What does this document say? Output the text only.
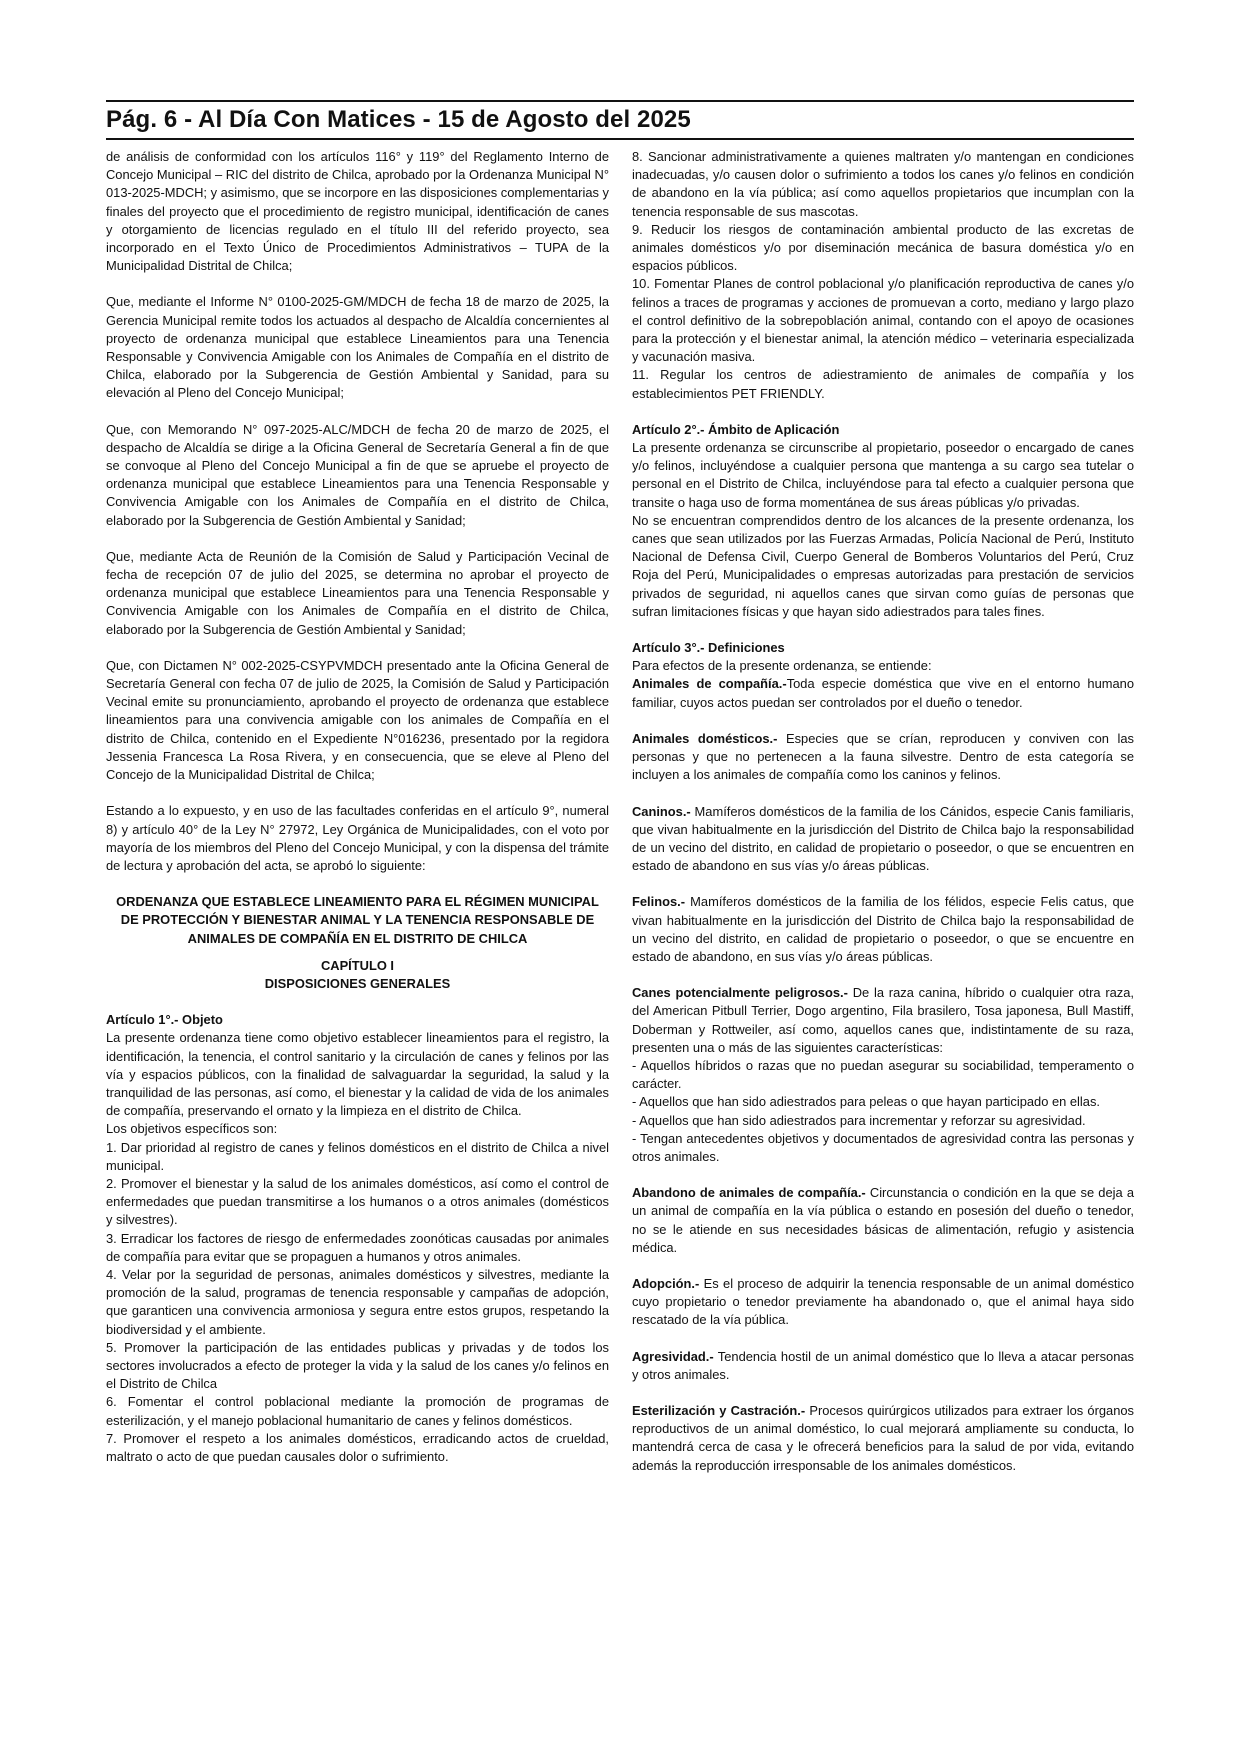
Pág. 6 - Al Día Con Matices - 15 de Agosto del 2025

de análisis de conformidad con los artículos 116° y 119° del Reglamento Interno de Concejo Municipal – RIC del distrito de Chilca, aprobado por la Ordenanza Municipal N° 013-2025-MDCH; y asimismo, que se incorpore en las disposiciones complementarias y finales del proyecto que el procedimiento de registro municipal, identificación de canes y otorgamiento de licencias regulado en el título III del referido proyecto, sea incorporado en el Texto Único de Procedimientos Administrativos – TUPA de la Municipalidad Distrital de Chilca;

Que, mediante el Informe N° 0100-2025-GM/MDCH de fecha 18 de marzo de 2025, la Gerencia Municipal remite todos los actuados al despacho de Alcaldía concernientes al proyecto de ordenanza municipal que establece Lineamientos para una Tenencia Responsable y Convivencia Amigable con los Animales de Compañía en el distrito de Chilca, elaborado por la Subgerencia de Gestión Ambiental y Sanidad, para su elevación al Pleno del Concejo Municipal;

Que, con Memorando N° 097-2025-ALC/MDCH de fecha 20 de marzo de 2025, el despacho de Alcaldía se dirige a la Oficina General de Secretaría General a fin de que se convoque al Pleno del Concejo Municipal a fin de que se apruebe el proyecto de ordenanza municipal que establece Lineamientos para una Tenencia Responsable y Convivencia Amigable con los Animales de Compañía en el distrito de Chilca, elaborado por la Subgerencia de Gestión Ambiental y Sanidad;

Que, mediante Acta de Reunión de la Comisión de Salud y Participación Vecinal de fecha de recepción 07 de julio del 2025, se determina no aprobar el proyecto de ordenanza municipal que establece Lineamientos para una Tenencia Responsable y Convivencia Amigable con los Animales de Compañía en el distrito de Chilca, elaborado por la Subgerencia de Gestión Ambiental y Sanidad;

Que, con Dictamen N° 002-2025-CSYPVMDCH presentado ante la Oficina General de Secretaría General con fecha 07 de julio de 2025, la Comisión de Salud y Participación Vecinal emite su pronunciamiento, aprobando el proyecto de ordenanza que establece lineamientos para una convivencia amigable con los animales de Compañía en el distrito de Chilca, contenido en el Expediente N°016236, presentado por la regidora Jessenia Francesca La Rosa Rivera, y en consecuencia, que se eleve al Pleno del Concejo de la Municipalidad Distrital de Chilca;

Estando a lo expuesto, y en uso de las facultades conferidas en el artículo 9°, numeral 8) y artículo 40° de la Ley N° 27972, Ley Orgánica de Municipalidades, con el voto por mayoría de los miembros del Pleno del Concejo Municipal, y con la dispensa del trámite de lectura y aprobación del acta, se aprobó lo siguiente:

ORDENANZA QUE ESTABLECE LINEAMIENTO PARA EL RÉGIMEN MUNICIPAL DE PROTECCIÓN Y BIENESTAR ANIMAL Y LA TENENCIA RESPONSABLE DE ANIMALES DE COMPAÑÍA EN EL DISTRITO DE CHILCA

CAPÍTULO I

DISPOSICIONES GENERALES

Artículo 1°.- Objeto

La presente ordenanza tiene como objetivo establecer lineamientos para el registro, la identificación, la tenencia, el control sanitario y la circulación de canes y felinos por las vía y espacios públicos, con la finalidad de salvaguardar la seguridad, la salud y la tranquilidad de las personas, así como, el bienestar y la calidad de vida de los animales de compañía, preservando el ornato y la limpieza en el distrito de Chilca.

Los objetivos específicos son:

1. Dar prioridad al registro de canes y felinos domésticos en el distrito de Chilca a nivel municipal.

2. Promover el bienestar y la salud de los animales domésticos, así como el control de enfermedades que puedan transmitirse a los humanos o a otros animales (domésticos y silvestres).

3. Erradicar los factores de riesgo de enfermedades zoonóticas causadas por animales de compañía para evitar que se propaguen a humanos y otros animales.

4. Velar por la seguridad de personas, animales domésticos y silvestres, mediante la promoción de la salud, programas de tenencia responsable y campañas de adopción, que garanticen una convivencia armoniosa y segura entre estos grupos, respetando la biodiversidad y el ambiente.

5. Promover la participación de las entidades publicas y privadas y de todos los sectores involucrados a efecto de proteger la vida y la salud de los canes y/o felinos en el Distrito de Chilca

6. Fomentar el control poblacional mediante la promoción de programas de esterilización, y el manejo poblacional humanitario de canes y felinos domésticos.

7. Promover el respeto a los animales domésticos, erradicando actos de crueldad, maltrato o acto de que puedan causales dolor o sufrimiento.

8. Sancionar administrativamente a quienes maltraten y/o mantengan en condiciones inadecuadas, y/o causen dolor o sufrimiento a todos los canes y/o felinos en condición de abandono en la vía pública; así como aquellos propietarios que incumplan con la tenencia responsable de sus mascotas.

9. Reducir los riesgos de contaminación ambiental producto de las excretas de animales domésticos y/o por diseminación mecánica de basura doméstica y/o en espacios públicos.

10. Fomentar Planes de control poblacional y/o planificación reproductiva de canes y/o felinos a traces de programas y acciones de promuevan a corto, mediano y largo plazo el control definitivo de la sobrepoblación animal, contando con el apoyo de ocasiones para la protección y el bienestar animal, la atención médico – veterinaria especializada y vacunación masiva.

11. Regular los centros de adiestramiento de animales de compañía y los establecimientos PET FRIENDLY.

Artículo 2°.- Ámbito de Aplicación

La presente ordenanza se circunscribe al propietario, poseedor o encargado de canes y/o felinos, incluyéndose a cualquier persona que mantenga a su cargo sea tutelar o personal en el Distrito de Chilca, incluyéndose para tal efecto a cualquier persona que transite o haga uso de forma momentánea de sus áreas públicas y/o privadas.

No se encuentran comprendidos dentro de los alcances de la presente ordenanza, los canes que sean utilizados por las Fuerzas Armadas, Policía Nacional de Perú, Instituto Nacional de Defensa Civil, Cuerpo General de Bomberos Voluntarios del Perú, Cruz Roja del Perú, Municipalidades o empresas autorizadas para prestación de servicios privados de seguridad, ni aquellos canes que sirvan como guías de personas que sufran limitaciones físicas y que hayan sido adiestrados para tales fines.

Artículo 3°.- Definiciones

Para efectos de la presente ordenanza, se entiende:

Animales de compañía.-Toda especie doméstica que vive en el entorno humano familiar, cuyos actos puedan ser controlados por el dueño o tenedor.

Animales domésticos.- Especies que se crían, reproducen y conviven con las personas y que no pertenecen a la fauna silvestre. Dentro de esta categoría se incluyen a los animales de compañía como los caninos y felinos.

Caninos.- Mamíferos domésticos de la familia de los Cánidos, especie Canis familiaris, que vivan habitualmente en la jurisdicción del Distrito de Chilca bajo la responsabilidad de un vecino del distrito, en calidad de propietario o poseedor, o que se encuentren en estado de abandono en sus vías y/o áreas públicas.

Felinos.- Mamíferos domésticos de la familia de los félidos, especie Felis catus, que vivan habitualmente en la jurisdicción del Distrito de Chilca bajo la responsabilidad de un vecino del distrito, en calidad de propietario o poseedor, o que se encuentre en estado de abandono, en sus vías y/o áreas públicas.

Canes potencialmente peligrosos.- De la raza canina, híbrido o cualquier otra raza, del American Pitbull Terrier, Dogo argentino, Fila brasilero, Tosa japonesa, Bull Mastiff, Doberman y Rottweiler, así como, aquellos canes que, indistintamente de su raza, presenten una o más de las siguientes características:

- Aquellos híbridos o razas que no puedan asegurar su sociabilidad, temperamento o carácter.

- Aquellos que han sido adiestrados para peleas o que hayan participado en ellas.

- Aquellos que han sido adiestrados para incrementar y reforzar su agresividad.

- Tengan antecedentes objetivos y documentados de agresividad contra las personas y otros animales.

Abandono de animales de compañía.- Circunstancia o condición en la que se deja a un animal de compañía en la vía pública o estando en posesión del dueño o tenedor, no se le atiende en sus necesidades básicas de alimentación, refugio y asistencia médica.

Adopción.- Es el proceso de adquirir la tenencia responsable de un animal doméstico cuyo propietario o tenedor previamente ha abandonado o, que el animal haya sido rescatado de la vía pública.

Agresividad.- Tendencia hostil de un animal doméstico que lo lleva a atacar personas y otros animales.

Esterilización y Castración.- Procesos quirúrgicos utilizados para extraer los órganos reproductivos de un animal doméstico, lo cual mejorará ampliamente su conducta, lo mantendrá cerca de casa y le ofrecerá beneficios para la salud de por vida, evitando además la reproducción irresponsable de los animales domésticos.
